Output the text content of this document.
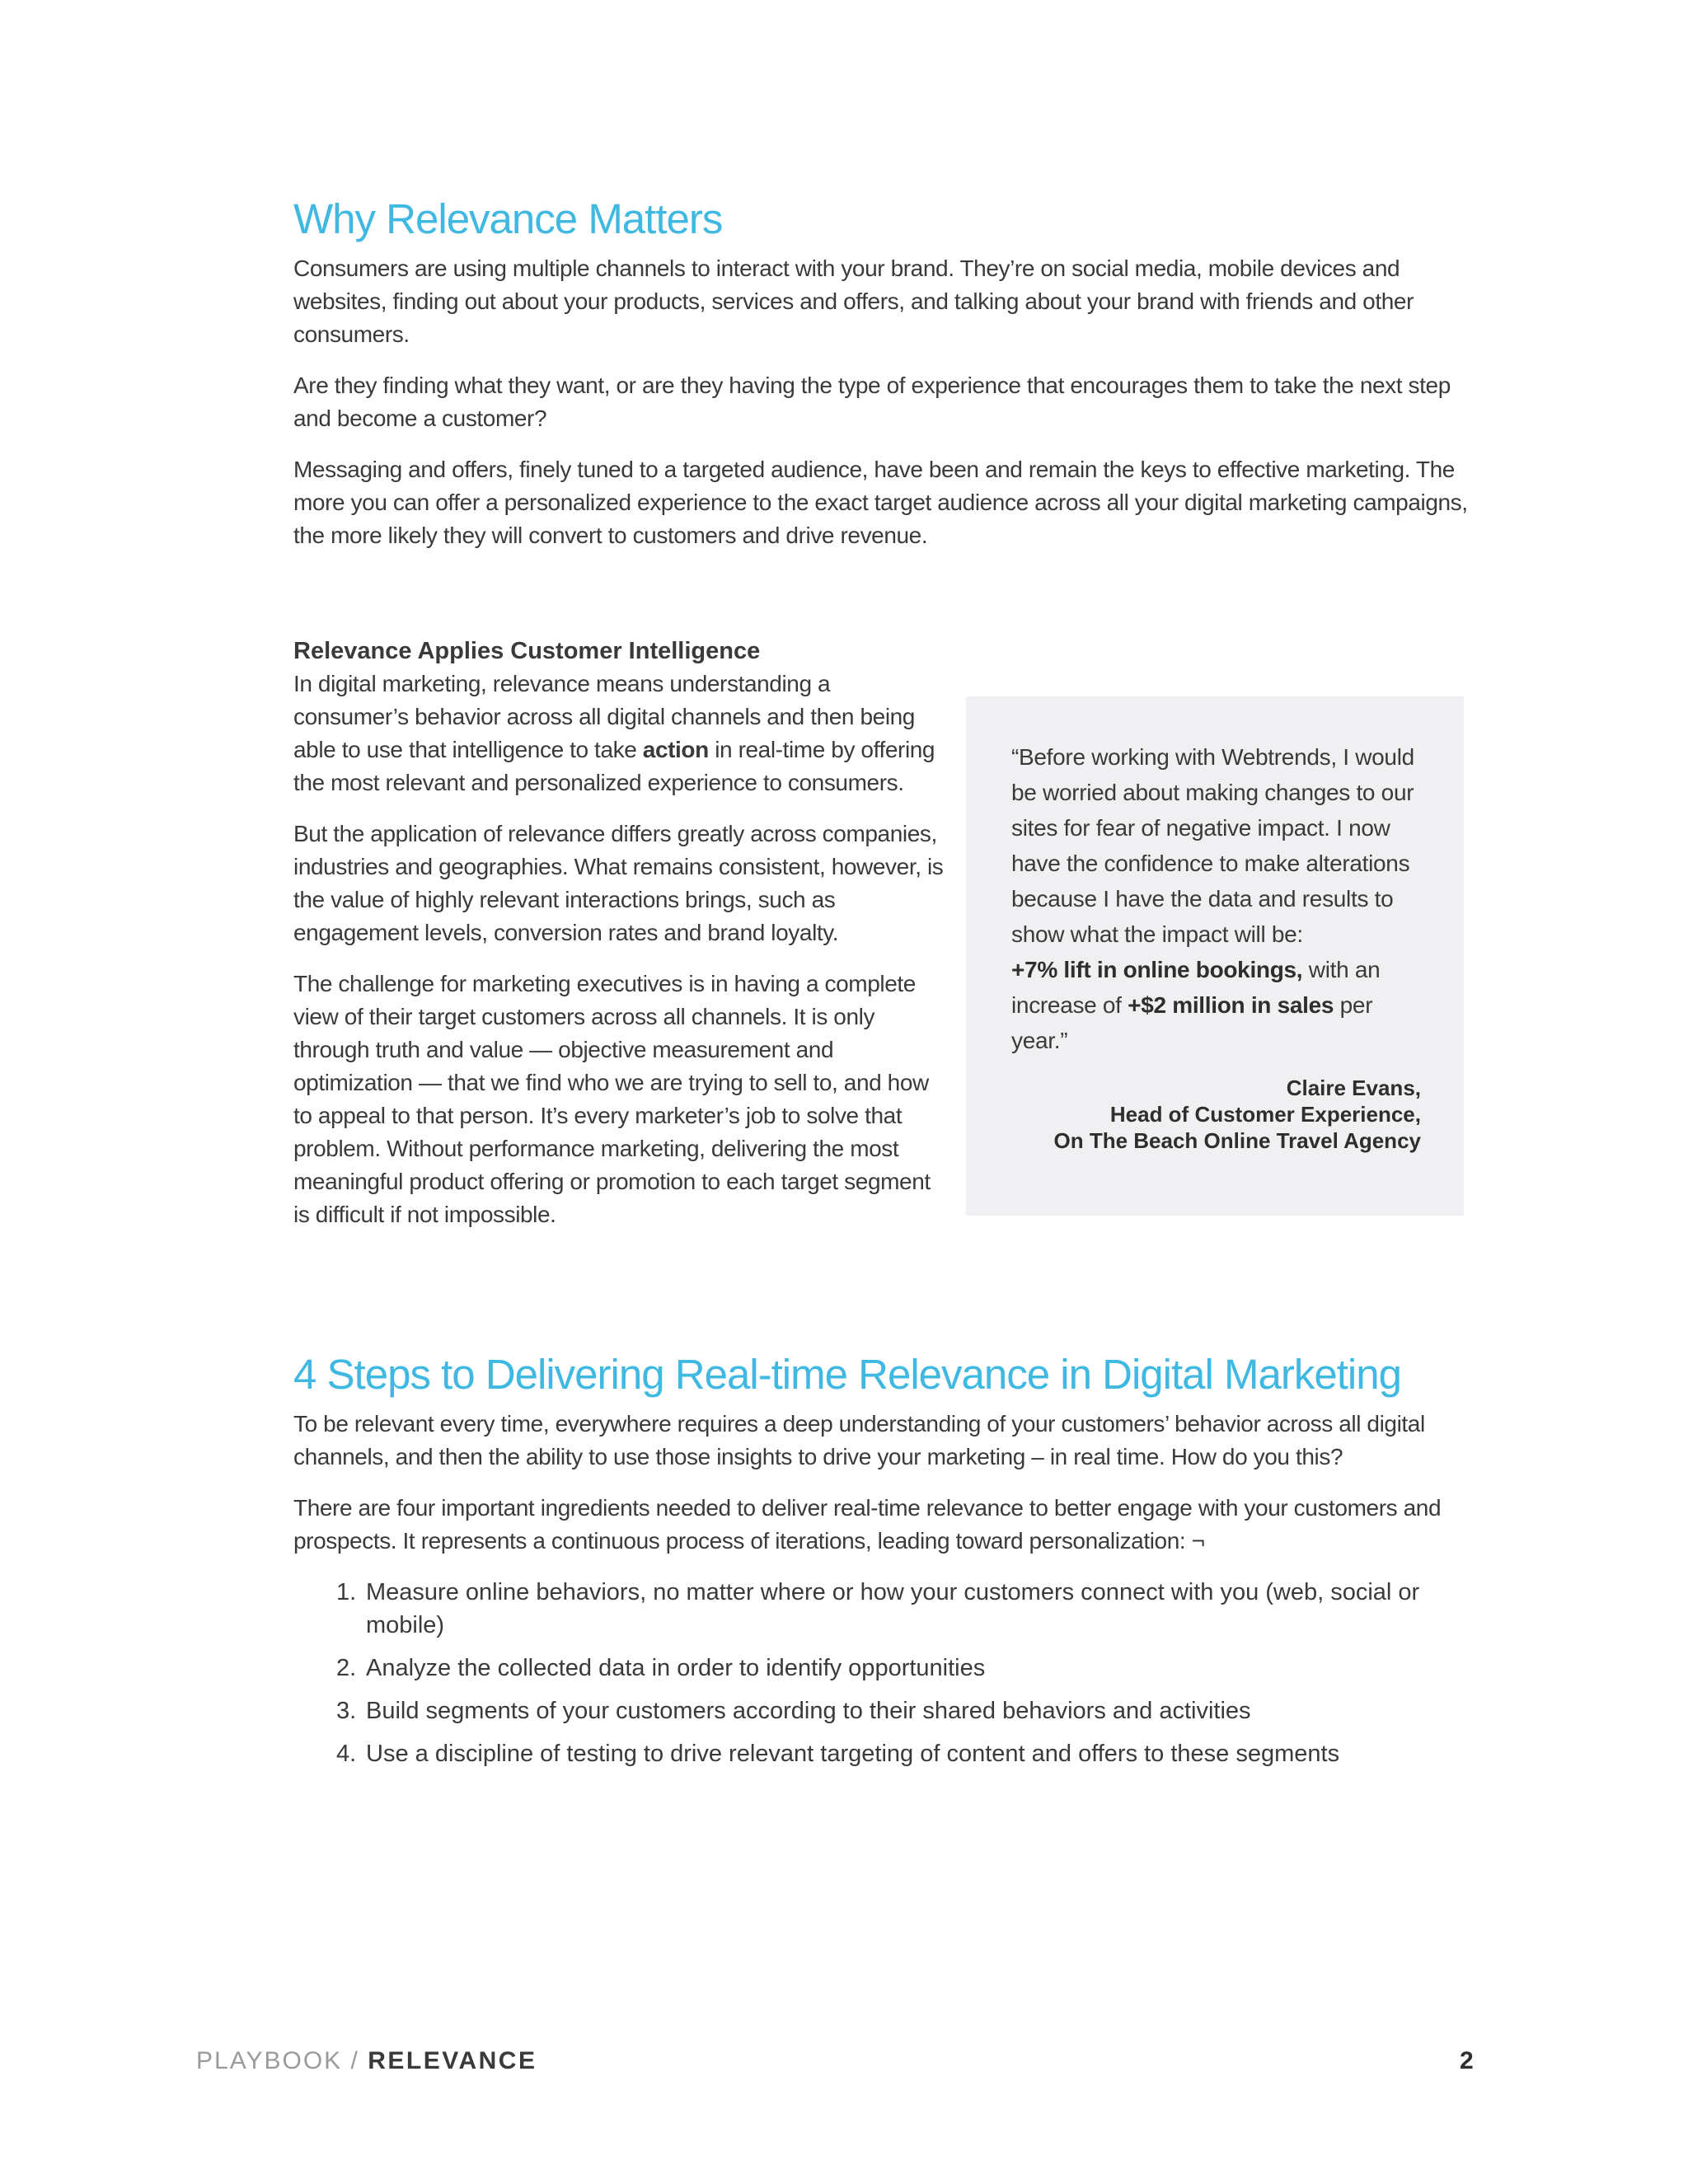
Why Relevance Matters

Consumers are using multiple channels to interact with your brand. They’re on social media, mobile devices and websites, finding out about your products, services and offers, and talking about your brand with friends and other consumers.

Are they finding what they want, or are they having the type of experience that encourages them to take the next step and become a customer?

Messaging and offers, finely tuned to a targeted audience, have been and remain the keys to effective marketing. The more you can offer a personalized experience to the exact target audience across all your digital marketing campaigns, the more likely they will convert to customers and drive revenue.

Relevance Applies Customer Intelligence

In digital marketing, relevance means understanding a consumer’s behavior across all digital channels and then being able to use that intelligence to take action in real-time by offering the most relevant and personalized experience to consumers.

But the application of relevance differs greatly across companies, industries and geographies. What remains consistent, however, is the value of highly relevant interactions brings, such as engagement levels, conversion rates and brand loyalty.

The challenge for marketing executives is in having a complete view of their target customers across all channels. It is only through truth and value — objective measurement and optimization — that we find who we are trying to sell to, and how to appeal to that person. It’s every marketer’s job to solve that problem. Without performance marketing, delivering the most meaningful product offering or promotion to each target segment is difficult if not impossible.

“Before working with Webtrends, I would be worried about making changes to our sites for fear of negative impact. I now have the confidence to make alterations because I have the data and results to show what the impact will be:
+7% lift in online bookings, with an increase of +$2 million in sales per year.”

Claire Evans,
Head of Customer Experience,
On The Beach Online Travel Agency
4 Steps to Delivering Real-time Relevance in Digital Marketing

To be relevant every time, everywhere requires a deep understanding of your customers’ behavior across all digital channels, and then the ability to use those insights to drive your marketing – in real time. How do you this?

There are four important ingredients needed to deliver real-time relevance to better engage with your customers and prospects. It represents a continuous process of iterations, leading toward personalization: ¬

1. Measure online behaviors, no matter where or how your customers connect with you (web, social or mobile)
2. Analyze the collected data in order to identify opportunities
3. Build segments of your customers according to their shared behaviors and activities
4. Use a discipline of testing to drive relevant targeting of content and offers to these segments
PLAYBOOK / RELEVANCE	2
